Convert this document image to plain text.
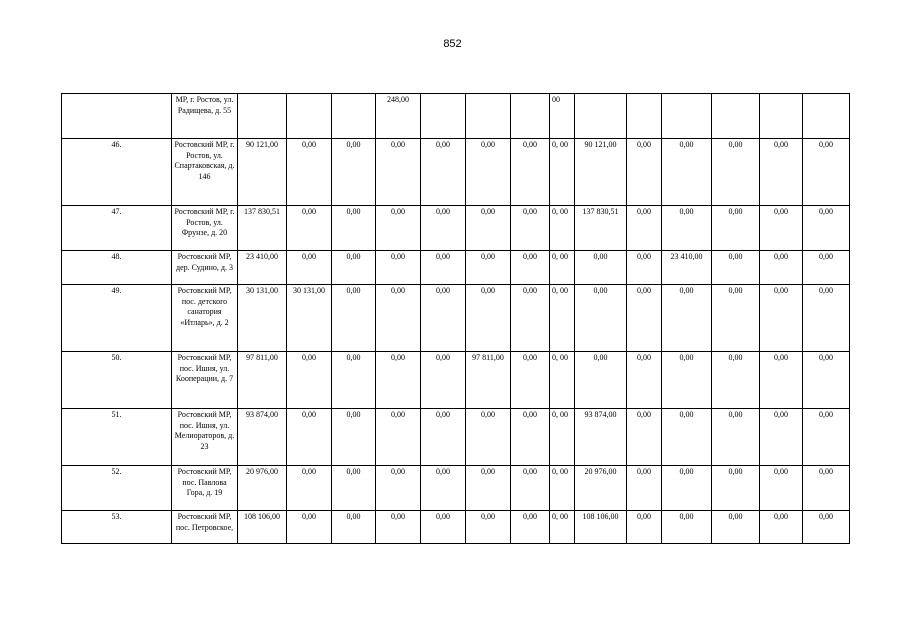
852
	МР, г. Ростов, ул. Радищева, д. 55				248,00				00						
46.	Ростовский МР, г. Ростов, ул. Спартаковская, д. 146	90 121,00	0,00	0,00	0,00	0,00	0,00	0,00	0, 00	90 121,00	0,00	0,00	0,00	0,00	0,00
47.	Ростовский МР, г. Ростов, ул. Фрунзе, д. 20	137 830,51	0,00	0,00	0,00	0,00	0,00	0,00	0, 00	137 830,51	0,00	0,00	0,00	0,00	0,00
48.	Ростовский МР, дер. Судино, д. 3	23 410,00	0,00	0,00	0,00	0,00	0,00	0,00	0, 00	0,00	0,00	23 410,00	0,00	0,00	0,00
49.	Ростовский МР, пос. детского санатория «Итларь», д. 2	30 131,00	30 131,00	0,00	0,00	0,00	0,00	0,00	0, 00	0,00	0,00	0,00	0,00	0,00	0,00
50.	Ростовский МР, пос. Ишня, ул. Кооперации, д. 7	97 811,00	0,00	0,00	0,00	0,00	97 811,00	0,00	0, 00	0,00	0,00	0,00	0,00	0,00	0,00
51.	Ростовский МР, пос. Ишня, ул. Мелиораторов, д. 23	93 874,00	0,00	0,00	0,00	0,00	0,00	0,00	0, 00	93 874,00	0,00	0,00	0,00	0,00	0,00
52.	Ростовский МР, пос. Павлова Гора, д. 19	20 976,00	0,00	0,00	0,00	0,00	0,00	0,00	0, 00	20 976,00	0,00	0,00	0,00	0,00	0,00
53.	Ростовский МР, пос. Петровское,	108 106,00	0,00	0,00	0,00	0,00	0,00	0,00	0, 00	108 106,00	0,00	0,00	0,00	0,00	0,00
